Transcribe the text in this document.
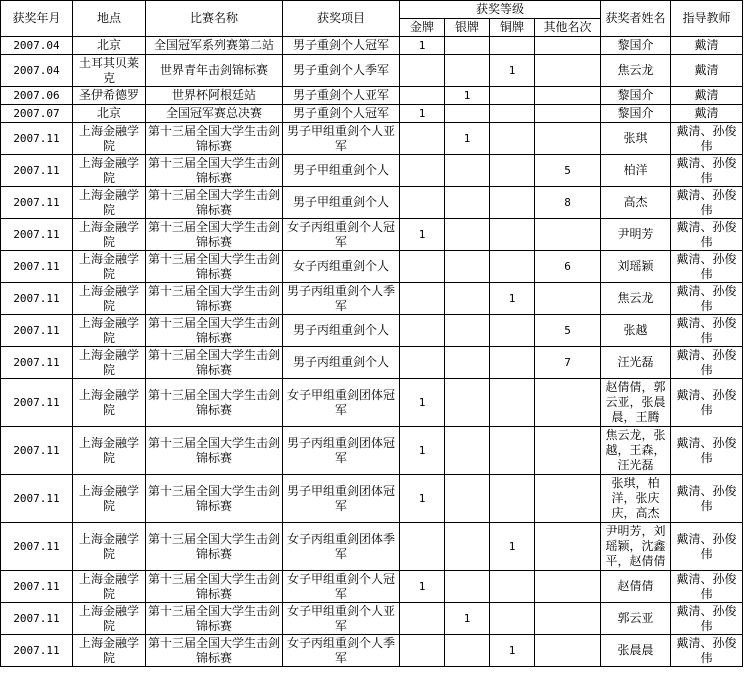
获奖年月	地点	比赛名称	获奖项目	获奖等级				获奖者姓名	指导教师
				金牌	银牌	铜牌	其他名次		
2007.04	北京	全国冠军系列赛第二站	男子重剑个人冠军	1				黎国介	戴清
2007.04	土耳其贝莱克	世界青年击剑锦标赛	男子重剑个人季军			1		焦云龙	戴清
2007.06	圣伊希德罗	世界杯阿根廷站	男子重剑个人亚军		1			黎国介	戴清
2007.07	北京	全国冠军赛总决赛	男子重剑个人冠军	1				黎国介	戴清
2007.11	上海金融学院	第十三届全国大学生击剑锦标赛	男子甲组重剑个人亚军		1			张琪	戴清、孙俊伟
2007.11	上海金融学院	第十三届全国大学生击剑锦标赛	男子甲组重剑个人				5	柏洋	戴清、孙俊伟
2007.11	上海金融学院	第十三届全国大学生击剑锦标赛	男子甲组重剑个人				8	高杰	戴清、孙俊伟
2007.11	上海金融学院	第十三届全国大学生击剑锦标赛	女子丙组重剑个人冠军	1				尹明芳	戴清、孙俊伟
2007.11	上海金融学院	第十三届全国大学生击剑锦标赛	女子丙组重剑个人				6	刘瑶颖	戴清、孙俊伟
2007.11	上海金融学院	第十三届全国大学生击剑锦标赛	男子丙组重剑个人季军			1		焦云龙	戴清、孙俊伟
2007.11	上海金融学院	第十三届全国大学生击剑锦标赛	男子丙组重剑个人				5	张越	戴清、孙俊伟
2007.11	上海金融学院	第十三届全国大学生击剑锦标赛	男子丙组重剑个人				7	汪光磊	戴清、孙俊伟
2007.11	上海金融学院	第十三届全国大学生击剑锦标赛	女子甲组重剑团体冠军	1				赵倩倩，郭云亚，张晨晨，王腾	戴清、孙俊伟
2007.11	上海金融学院	第十三届全国大学生击剑锦标赛	男子丙组重剑团体冠军	1				焦云龙，张越，王森，汪光磊	戴清、孙俊伟
2007.11	上海金融学院	第十三届全国大学生击剑锦标赛	男子甲组重剑团体冠军	1				张琪，柏洋，张庆庆，高杰	戴清、孙俊伟
2007.11	上海金融学院	第十三届全国大学生击剑锦标赛	女子丙组重剑团体季军			1		尹明芳，刘瑶颖，沈鑫平，赵倩倩	戴清、孙俊伟
2007.11	上海金融学院	第十三届全国大学生击剑锦标赛	女子甲组重剑个人冠军	1				赵倩倩	戴清、孙俊伟
2007.11	上海金融学院	第十三届全国大学生击剑锦标赛	女子甲组重剑个人亚军		1			郭云亚	戴清、孙俊伟
2007.11	上海金融学院	第十三届全国大学生击剑锦标赛	女子丙组重剑个人季军			1		张晨晨	戴清、孙俊伟
